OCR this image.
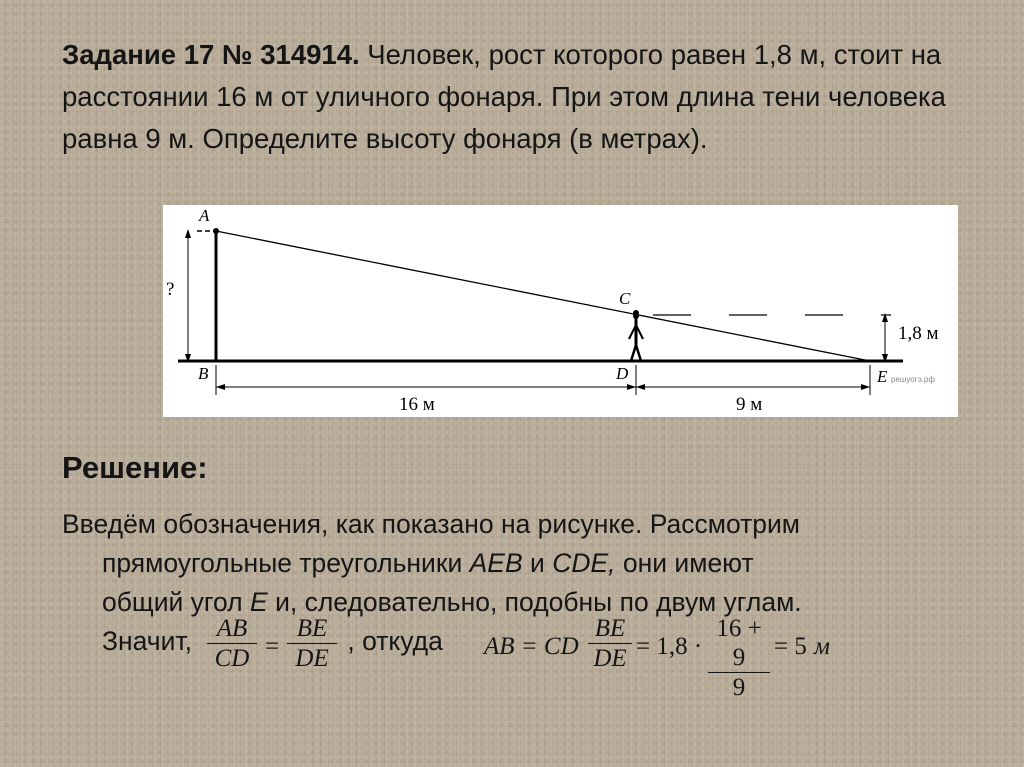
Задание 17 № 314914. Человек, рост которого равен 1,8 м, стоит на расстоянии 16 м от уличного фонаря. При этом длина тени человека равна 9 м. Определите высоту фонаря (в метрах).
A
B
C
D	E
?
1,8 м
16 м	9 м
решуогэ.рф
Решение:
Введём обозначения, как показано на рисунке. Рассмотрим
прямоугольные треугольники AEB и CDE, они имеют
общий угол E и, следовательно, подобны по двум углам.
Значит,	, откуда
$\frac{AB}{CD} = \frac{BE}{DE}$	AB = CD $\frac{BE}{DE} = 1,8 \cdot \frac{16 + 9}{9} = 5$ м
